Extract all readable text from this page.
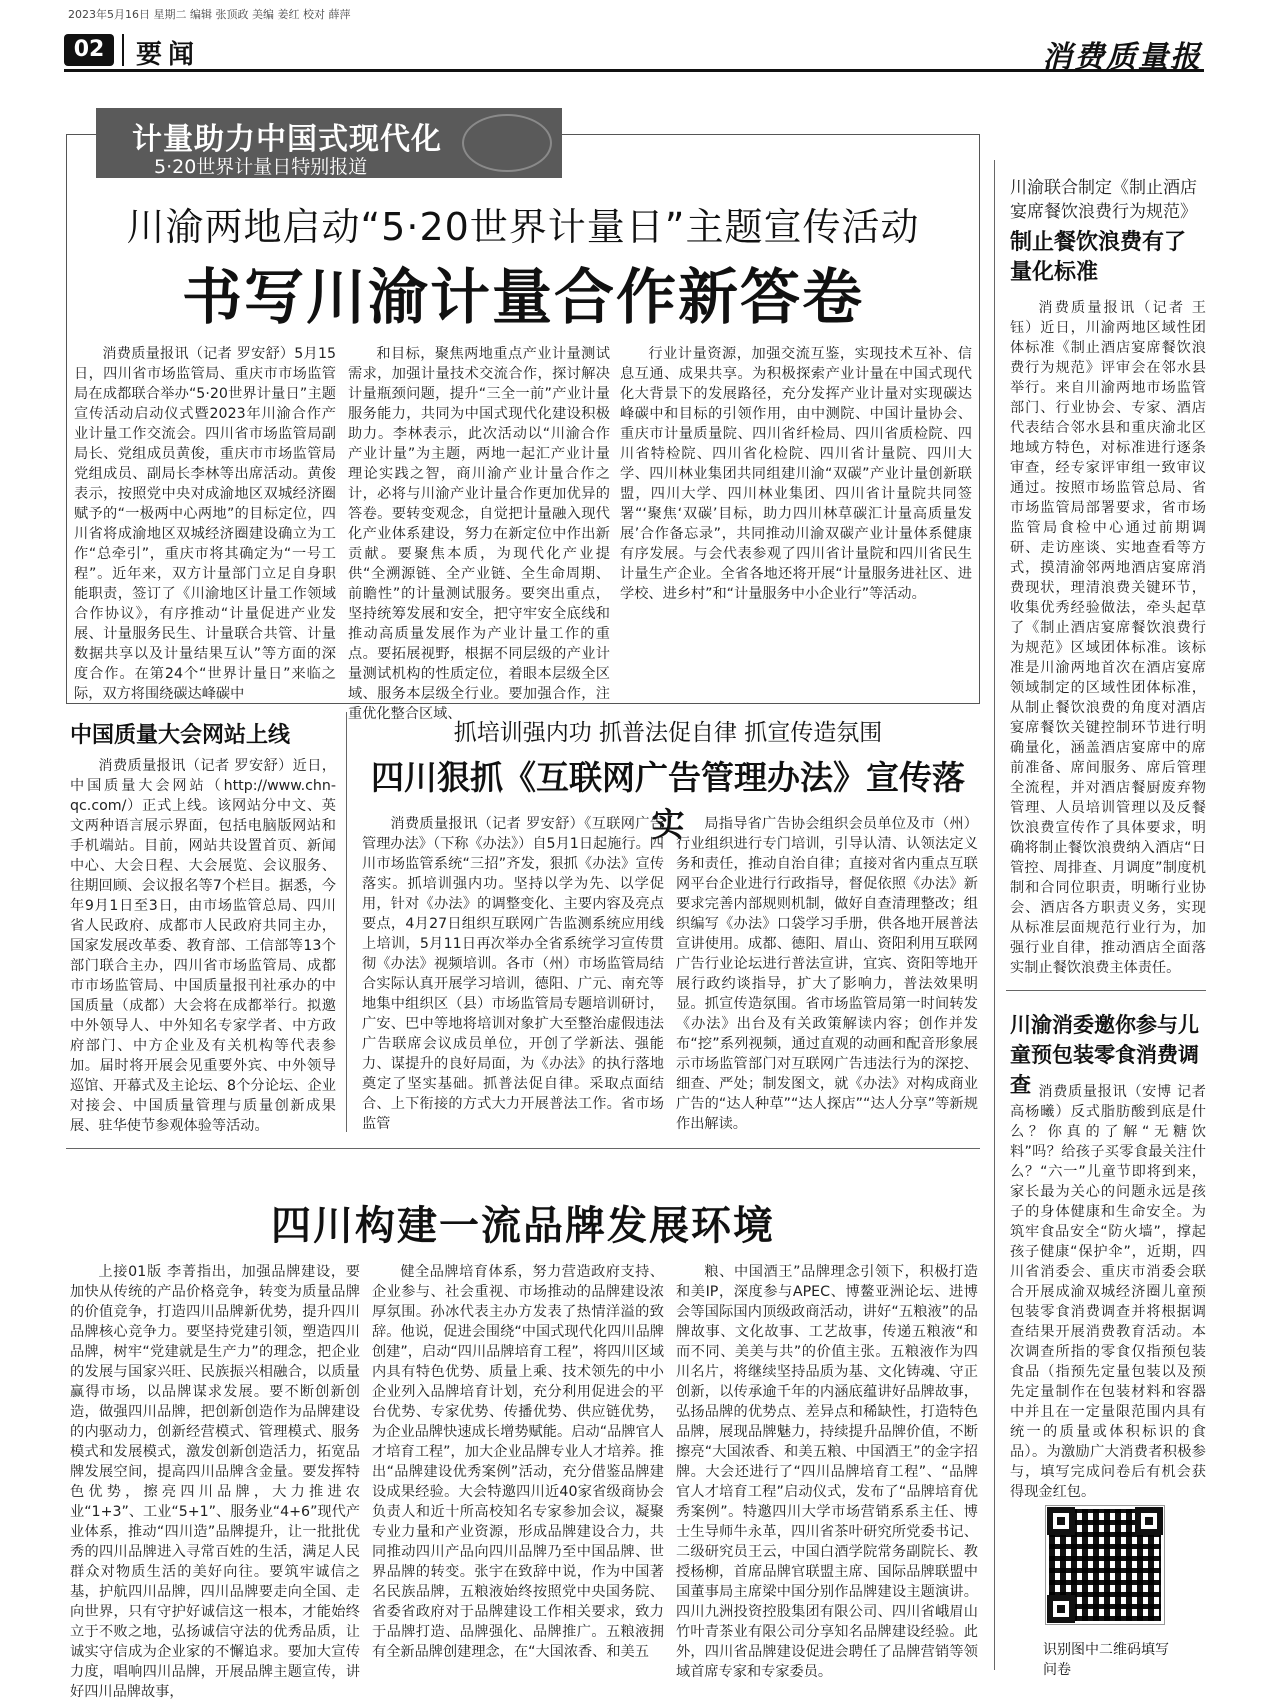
2023年5月16日 星期二 编辑 张顶政 美编 姜红 校对 薛萍
02	要闻	消费质量报
计量助力中国式现代化
5·20世界计量日特别报道
川渝两地启动“5·20世界计量日”主题宣传活动
书写川渝计量合作新答卷

消费质量报讯（记者 罗安舒）5月15日，四川省市场监管局、重庆市市场监管局在成都联合举办“5·20世界计量日”主题宣传活动启动仪式暨2023年川渝合作产业计量工作交流会。四川省市场监管局副局长、党组成员黄俊，重庆市市场监管局党组成员、副局长李林等出席活动。黄俊表示，按照党中央对成渝地区双城经济圈赋予的“一极两中心两地”的目标定位，四川省将成渝地区双城经济圈建设确立为工作“总牵引”，重庆市将其确定为“一号工程”。近年来，双方计量部门立足自身职能职责，签订了《川渝地区计量工作领域合作协议》，有序推动“计量促进产业发展、计量服务民生、计量联合共管、计量数据共享以及计量结果互认”等方面的深度合作。在第24个“世界计量日”来临之际，双方将围绕碳达峰碳中

和目标，聚焦两地重点产业计量测试需求，加强计量技术交流合作，探讨解决计量瓶颈问题，提升“三全一前”产业计量服务能力，共同为中国式现代化建设积极助力。李林表示，此次活动以“川渝合作产业计量”为主题，两地一起汇产业计量理论实践之智，商川渝产业计量合作之计，必将与川渝产业计量合作更加优异的答卷。要转变观念，自觉把计量融入现代化产业体系建设，努力在新定位中作出新贡献。要聚焦本质，为现代化产业提供“全溯源链、全产业链、全生命周期、前瞻性”的计量测试服务。要突出重点，坚持统筹发展和安全，把守牢安全底线和推动高质量发展作为产业计量工作的重点。要拓展视野，根据不同层级的产业计量测试机构的性质定位，着眼本层级全区域、服务本层级全行业。要加强合作，注重优化整合区域、

行业计量资源，加强交流互鉴，实现技术互补、信息互通、成果共享。为积极探索产业计量在中国式现代化大背景下的发展路径，充分发挥产业计量对实现碳达峰碳中和目标的引领作用，由中测院、中国计量协会、重庆市计量质量院、四川省纤检局、四川省质检院、四川省特检院、四川省化检院、四川省计量院、四川大学、四川林业集团共同组建川渝“双碳”产业计量创新联盟，四川大学、四川林业集团、四川省计量院共同签署“‘聚焦‘双碳’目标，助力四川林草碳汇计量高质量发展’合作备忘录”，共同推动川渝双碳产业计量体系健康有序发展。与会代表参观了四川省计量院和四川省民生计量生产企业。全省各地还将开展“计量服务进社区、进学校、进乡村”和“计量服务中小企业行”等活动。

川渝联合制定《制止酒店宴席餐饮浪费行为规范》
制止餐饮浪费有了量化标准

消费质量报讯（记者 王钰）近日，川渝两地区域性团体标准《制止酒店宴席餐饮浪费行为规范》评审会在邻水县举行。来自川渝两地市场监管部门、行业协会、专家、酒店代表结合邻水县和重庆渝北区地域方特色，对标准进行逐条审查，经专家评审组一致审议通过。按照市场监管总局、省市场监管局部署要求，省市场监管局食检中心通过前期调研、走访座谈、实地查看等方式，摸清渝邻两地酒店宴席消费现状，理清浪费关键环节，收集优秀经验做法，牵头起草了《制止酒店宴席餐饮浪费行为规范》区域团体标准。该标准是川渝两地首次在酒店宴席领域制定的区域性团体标准，从制止餐饮浪费的角度对酒店宴席餐饮关键控制环节进行明确量化，涵盖酒店宴席中的席前准备、席间服务、席后管理全流程，并对酒店餐厨废弃物管理、人员培训管理以及反餐饮浪费宣传作了具体要求，明确将制止餐饮浪费纳入酒店“日管控、周排查、月调度”制度机制和合同位职责，明晰行业协会、酒店各方职责义务，实现从标准层面规范行业行为，加强行业自律，推动酒店全面落实制止餐饮浪费主体责任。

川渝消委邀你参与儿童预包装零食消费调查 消费质量报讯（安博 记者 高杨曦）反式脂肪酸到底是什么？你真的了解“无糖饮料”吗？给孩子买零食最关注什么？“六一”儿童节即将到来，家长最为关心的问题永远是孩子的身体健康和生命安全。为筑牢食品安全“防火墙”，撑起孩子健康“保护伞”，近期，四川省消委会、重庆市消委会联合开展成渝双城经济圈儿童预包装零食消费调查并将根据调查结果开展消费教育活动。本次调查所指的零食仅指预包装食品（指预先定量包装以及预先定量制作在包装材料和容器中并且在一定量限范围内具有统一的质量或体积标识的食品）。为激励广大消费者积极参与，填写完成问卷后有机会获得现金红包。

识别图中二维码填写问卷
中国质量大会网站上线

消费质量报讯（记者 罗安舒）近日，中国质量大会网站（http://www.chn-qc.com/）正式上线。该网站分中文、英文两种语言展示界面，包括电脑版网站和手机端站。目前，网站共设置首页、新闻中心、大会日程、大会展览、会议服务、往期回顾、会议报名等7个栏目。据悉，今年9月1日至3日，由市场监管总局、四川省人民政府、成都市人民政府共同主办，国家发展改革委、教育部、工信部等13个部门联合主办，四川省市场监管局、成都市市场监管局、中国质量报刊社承办的中国质量（成都）大会将在成都举行。拟邀中外领导人、中外知名专家学者、中方政府部门、中方企业及有关机构等代表参加。届时将开展会见重要外宾、中外领导巡馆、开幕式及主论坛、8个分论坛、企业对接会、中国质量管理与质量创新成果展、驻华使节参观体验等活动。

抓培训强内功 抓普法促自律 抓宣传造氛围
四川狠抓《互联网广告管理办法》宣传落实

消费质量报讯（记者 罗安舒）《互联网广告管理办法》（下称《办法》）自5月1日起施行。四川市场监管系统“三招”齐发，狠抓《办法》宣传落实。抓培训强内功。坚持以学为先、以学促用，针对《办法》的调整变化、主要内容及亮点要点，4月27日组织互联网广告监测系统应用线上培训，5月11日再次举办全省系统学习宣传贯彻《办法》视频培训。各市（州）市场监管局结合实际认真开展学习培训，德阳、广元、南充等地集中组织区（县）市场监管局专题培训研讨，广安、巴中等地将培训对象扩大至整治虚假违法广告联席会议成员单位，开创了学新法、强能力、谋提升的良好局面，为《办法》的执行落地奠定了坚实基础。抓普法促自律。采取点面结合、上下衔接的方式大力开展普法工作。省市场监管

局指导省广告协会组织会员单位及市（州）行业组织进行专门培训，引导认清、认领法定义务和责任，推动自治自律；直接对省内重点互联网平台企业进行行政指导，督促依照《办法》新要求完善内部规则机制，做好自查清理整改；组织编写《办法》口袋学习手册，供各地开展普法宣讲使用。成都、德阳、眉山、资阳利用互联网广告行业论坛进行普法宣讲，宜宾、资阳等地开展行政约谈指导，扩大了影响力，普法效果明显。抓宣传造氛围。省市场监管局第一时间转发《办法》出台及有关政策解读内容；创作并发布“挖”系列视频，通过直观的动画和配音形象展示市场监管部门对互联网广告违法行为的深挖、细查、严处；制发图文，就《办法》对构成商业广告的“达人种草”“达人探店”“达人分享”等新规作出解读。

四川构建一流品牌发展环境

上接01版 李菁指出，加强品牌建设，要加快从传统的产品价格竞争，转变为质量品牌的价值竞争，打造四川品牌新优势，提升四川品牌核心竞争力。要坚持党建引领，塑造四川品牌，树牢“党建就是生产力”的理念，把企业的发展与国家兴旺、民族振兴相融合，以质量赢得市场，以品牌谋求发展。要不断创新创造，做强四川品牌，把创新创造作为品牌建设的内驱动力，创新经营模式、管理模式、服务模式和发展模式，激发创新创造活力，拓宽品牌发展空间，提高四川品牌含金量。要发挥特色优势，擦亮四川品牌，大力推进农业“1+3”、工业“5+1”、服务业“4+6”现代产业体系，推动“四川造”品牌提升，让一批批优秀的四川品牌进入寻常百姓的生活，满足人民群众对物质生活的美好向往。要筑牢诚信之基，护航四川品牌，四川品牌要走向全国、走向世界，只有守护好诚信这一根本，才能始终立于不败之地，弘扬诚信守法的优秀品质，让诚实守信成为企业家的不懈追求。要加大宣传力度，唱响四川品牌，开展品牌主题宣传，讲好四川品牌故事，

健全品牌培育体系，努力营造政府支持、企业参与、社会重视、市场推动的品牌建设浓厚氛围。孙冰代表主办方发表了热情洋溢的致辞。他说，促进会围绕“中国式现代化四川品牌创建”，启动“四川品牌培育工程”，将四川区域内具有特色优势、质量上乘、技术领先的中小企业列入品牌培育计划，充分利用促进会的平台优势、专家优势、传播优势、供应链优势，为企业品牌快速成长增势赋能。启动“品牌官人才培育工程”，加大企业品牌专业人才培养。推出“品牌建设优秀案例”活动，充分借鉴品牌建设成果经验。大会特邀四川近40家省级商协会负责人和近十所高校知名专家参加会议，凝聚专业力量和产业资源，形成品牌建设合力，共同推动四川产品向四川品牌乃至中国品牌、世界品牌的转变。张宇在致辞中说，作为中国著名民族品牌，五粮液始终按照党中央国务院、省委省政府对于品牌建设工作相关要求，致力于品牌打造、品牌强化、品牌推广。五粮液拥有全新品牌创建理念，在“大国浓香、和美五

粮、中国酒王”品牌理念引领下，积极打造和美IP，深度参与APEC、博鳌亚洲论坛、进博会等国际国内顶级政商活动，讲好“五粮液”的品牌故事、文化故事、工艺故事，传递五粮液“和而不同、美美与共”的价值主张。五粮液作为四川名片，将继续坚持品质为基、文化铸魂、守正创新，以传承逾千年的内涵底蕴讲好品牌故事，弘扬品牌的优势点、差异点和稀缺性，打造特色品牌，展现品牌魅力，持续提升品牌价值，不断擦亮“大国浓香、和美五粮、中国酒王”的金字招牌。大会还进行了“四川品牌培育工程”、“品牌官人才培育工程”启动仪式，发布了“品牌培育优秀案例”。特邀四川大学市场营销系系主任、博士生导师牛永革，四川省茶叶研究所党委书记、二级研究员王云，中国白酒学院常务副院长、教授杨柳，首席品牌官联盟主席、国际品牌联盟中国董事局主席梁中国分别作品牌建设主题演讲。四川九洲投资控股集团有限公司、四川省峨眉山竹叶青茶业有限公司分享知名品牌建设经验。此外，四川省品牌建设促进会聘任了品牌营销等领域首席专家和专家委员。
